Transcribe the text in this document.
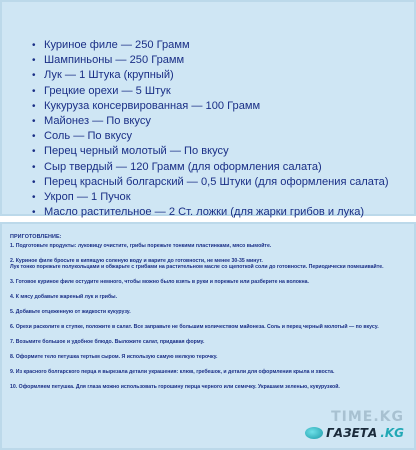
• Куриное филе — 250 Грамм
• Шампиньоны — 250 Грамм
• Лук — 1 Штука (крупный)
• Грецкие орехи — 5 Штук
• Кукуруза консервированная — 100 Грамм
• Майонез — По вкусу
• Соль — По вкусу
• Перец черный молотый — По вкусу
• Сыр твердый — 120 Грамм (для оформления салата)
• Перец красный болгарский — 0,5 Штуки (для оформления салата)
• Укроп — 1 Пучок
• Масло растительное — 2 Ст. ложки (для жарки грибов и лука)
ПРИГОТОВЛЕНИЕ:
1. Подготовьте продукты: луковицу очистите, грибы порежьте тонкими пластинками, мясо вымойте.
2. Куриное филе бросьте в кипящую соленую воду и варите до готовности, не менее 30-35 минут.
Лук тонко порежьте полукольцами и обжарьте с грибами на растительном масле со щепоткой соли до готовности. Периодически помешивайте.
3. Готовое куриное филе остудите немного, чтобы можно было взять в руки и порежьте или разберите на волокна.
4. К мясу добавьте жареный лук и грибы.
5. Добавьте отцеженную от жидкости кукурузу.
6. Орехи расколите в ступке, положите в салат. Все заправьте не большим количеством майонеза. Соль и перец черный молотый — по вкусу.
7. Возьмите большое и удобное блюдо. Выложите салат, придавая форму.
8. Оформите тело петушка тертым сыром. Я использую самую мелкую терочку.
9. Из красного болгарского перца я вырезала детали украшения: клюв, гребешок, и детали для оформления крыла и хвоста.
10. Оформляем петушка. Для глаза можно использовать горошину перца черного или семечку. Украшаем зеленью, кукурузкой.
TIME.KG
ГАЗЕТА .KG
